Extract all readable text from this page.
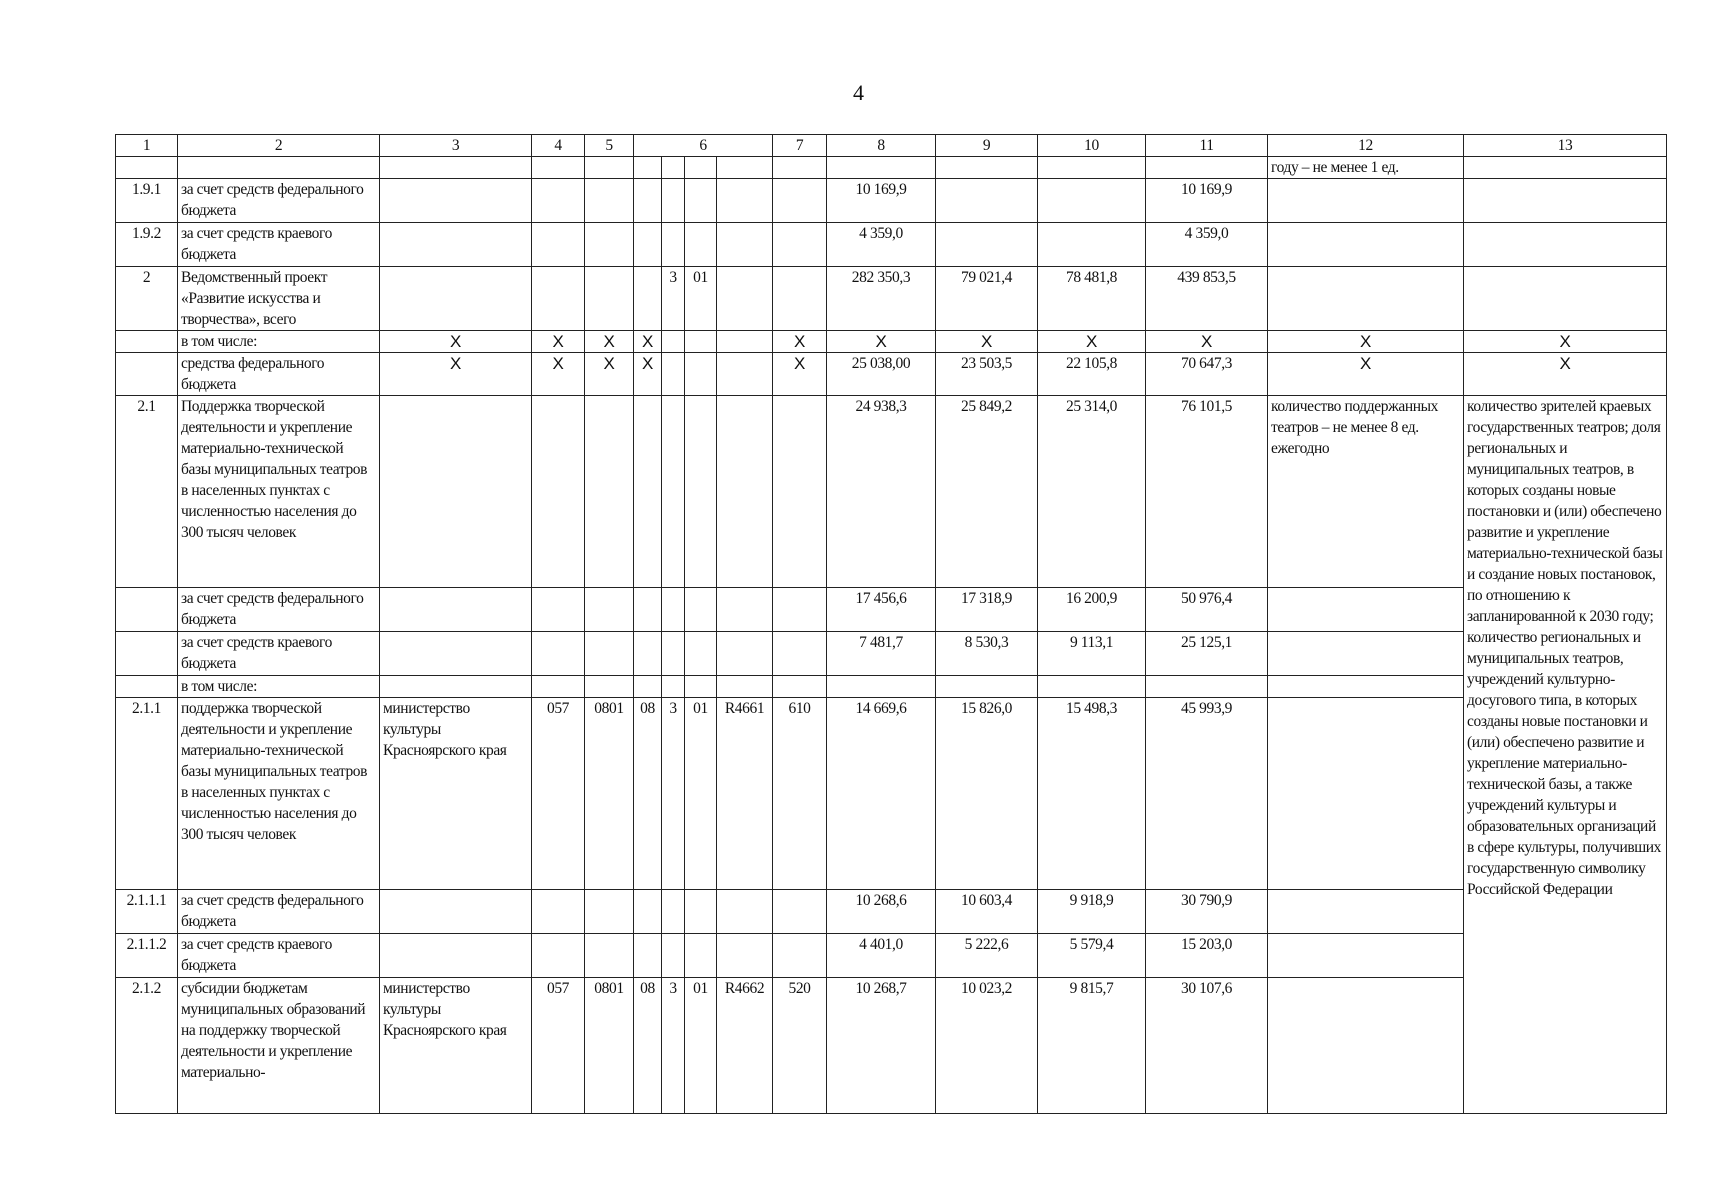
4
1	2	3	4	5	6				7	8	9	10	11	12	13
														году – не менее 1 ед.	
1.9.1	за счет средств федерального бюджета									10 169,9			10 169,9		
1.9.2	за счет средств краевого бюджета									4 359,0			4 359,0		
2	Ведомственный проект «Развитие искусства и творчества», всего					3	01			282 350,3	79 021,4	78 481,8	439 853,5		
	в том числе:	X	X	X	X				X	X	X	X	X	X	X
	средства федерального бюджета	X	X	X	X				X	25 038,00	23 503,5	22 105,8	70 647,3	X	X
2.1	Поддержка творческой деятельности и укрепление материально-технической базы муниципальных театров в населенных пунктах с численностью населения до 300 тысяч человек									24 938,3	25 849,2	25 314,0	76 101,5	количество поддержанных театров – не менее 8 ед. ежегодно	количество зрителей краевых государственных театров; доля региональных и муниципальных театров, в которых созданы новые постановки и (или) обеспечено развитие и укрепление материально-технической базы и создание новых постановок, по отношению к запланированной к 2030 году; количество региональных и муниципальных театров, учреждений культурно-досугового типа, в которых созданы новые постановки и (или) обеспечено развитие и укрепление материально-технической базы, а также учреждений культуры и образовательных организаций в сфере культуры, получивших государственную символику Российской Федерации
	за счет средств федерального бюджета									17 456,6	17 318,9	16 200,9	50 976,4		
	за счет средств краевого бюджета									7 481,7	8 530,3	9 113,1	25 125,1		
	в том числе:														
2.1.1	поддержка творческой деятельности и укрепление материально-технической базы муниципальных театров в населенных пунктах с численностью населения до 300 тысяч человек	министерство культуры Красноярского края	057	0801	08	3	01	R4661	610	14 669,6	15 826,0	15 498,3	45 993,9		
2.1.1.1	за счет средств федерального бюджета									10 268,6	10 603,4	9 918,9	30 790,9		
2.1.1.2	за счет средств краевого бюджета									4 401,0	5 222,6	5 579,4	15 203,0		
2.1.2	субсидии бюджетам муниципальных образований на поддержку творческой деятельности и укрепление материально-	министерство культуры Красноярского края	057	0801	08	3	01	R4662	520	10 268,7	10 023,2	9 815,7	30 107,6		
